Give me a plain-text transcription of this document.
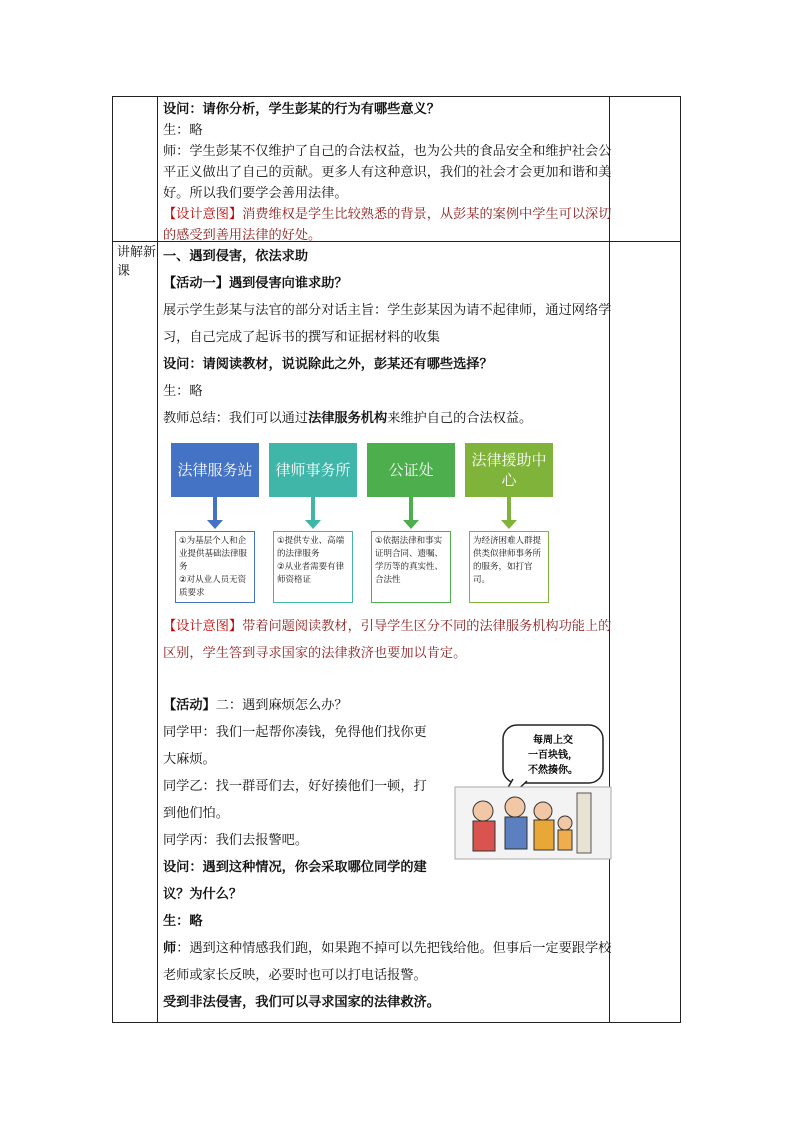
讲解新课

设问：请你分析，学生彭某的行为有哪些意义？

生：略

师：学生彭某不仅维护了自己的合法权益，也为公共的食品安全和维护社会公平正义做出了自己的贡献。更多人有这种意识，我们的社会才会更加和谐和美好。所以我们要学会善用法律。

【设计意图】消费维权是学生比较熟悉的背景，从彭某的案例中学生可以深切的感受到善用法律的好处。

一、遇到侵害，依法求助

【活动一】遇到侵害向谁求助？

展示学生彭某与法官的部分对话主旨：学生彭某因为请不起律师，通过网络学习，自己完成了起诉书的撰写和证据材料的收集

设问：请阅读教材，说说除此之外，彭某还有哪些选择？

生：略

教师总结：我们可以通过法律服务机构来维护自己的合法权益。

法律服务站
①为基层个人和企业提供基础法律服务
②对从业人员无资质要求
律师事务所
①提供专业、高端的法律服务
②从业者需要有律师资格证
公证处
①依据法律和事实证明合同、遗嘱、学历等的真实性、合法性
法律援助中心
为经济困难人群提供类似律师事务所的服务，如打官司。

【设计意图】带着问题阅读教材，引导学生区分不同的法律服务机构功能上的区别，学生答到寻求国家的法律救济也要加以肯定。

【活动】二：遇到麻烦怎么办？

同学甲：我们一起帮你凑钱，免得他们找你更大麻烦。

同学乙：找一群哥们去，好好揍他们一顿，打到他们怕。

同学丙：我们去报警吧。

设问：遇到这种情况，你会采取哪位同学的建议？为什么？

生：略

师：遇到这种情感我们跑，如果跑不掉可以先把钱给他。但事后一定要跟学校老师或家长反映，必要时也可以打电话报警。

受到非法侵害，我们可以寻求国家的法律救济。

每周上交
一百块钱，
不然揍你。
